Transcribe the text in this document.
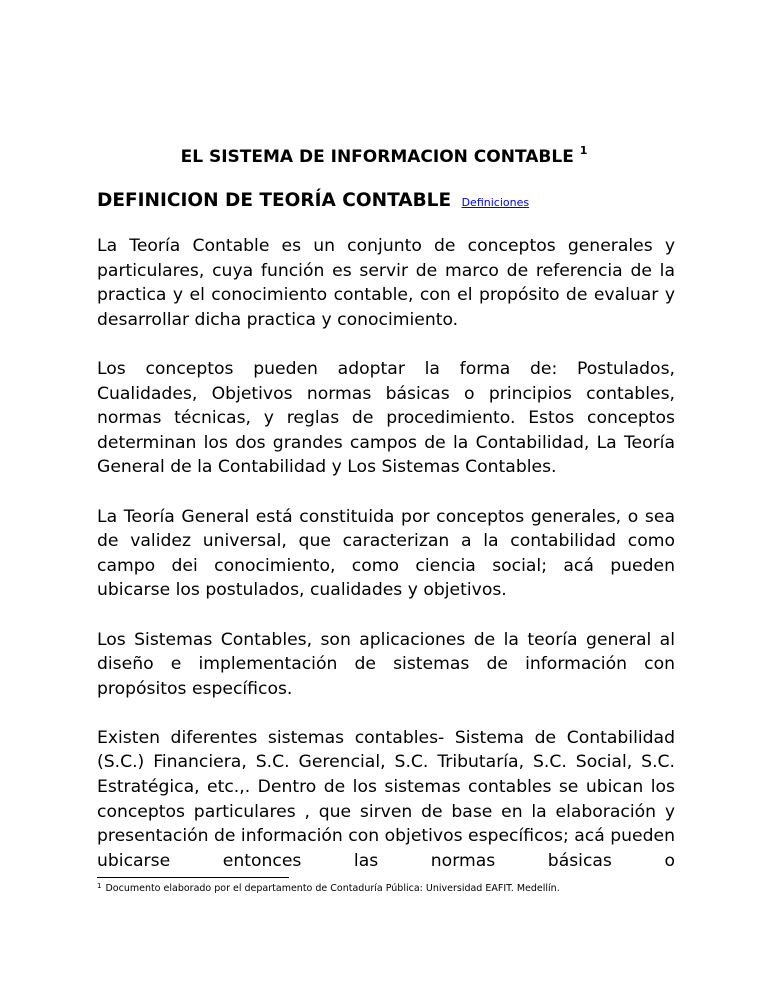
EL SISTEMA DE INFORMACION CONTABLE $^1$
DEFINICION DE TEORÍA CONTABLE Definiciones

La Teoría Contable es un conjunto de conceptos generales y particulares, cuya función es servir de marco de referencia de la practica y el conocimiento contable, con el propósito de evaluar y desarrollar dicha practica y conocimiento.

Los conceptos pueden adoptar la forma de: Postulados, Cualidades, Objetivos normas básicas o principios contables, normas técnicas, y reglas de procedimiento. Estos conceptos determinan los dos grandes campos de la Contabilidad, La Teoría General de la Contabilidad y Los Sistemas Contables.

La Teoría General está constituida por conceptos generales, o sea de validez universal, que caracterizan a la contabilidad como campo dei conocimiento, como ciencia social; acá pueden ubicarse los postulados, cualidades y objetivos.

Los Sistemas Contables, son aplicaciones de la teoría general al diseño e implementación de sistemas de información con propósitos específicos.

Existen diferentes sistemas contables- Sistema de Contabilidad (S.C.) Financiera, S.C. Gerencial, S.C. Tributaría, S.C. Social, S.C. Estratégica, etc.,. Dentro de los sistemas contables se ubican los conceptos particulares , que sirven de base en la elaboración y presentación de información con objetivos específicos; acá pueden ubicarse entonces las normas básicas o

$^1$ Documento elaborado por el departamento de Contaduría Pública: Universidad EAFIT. Medellín.
